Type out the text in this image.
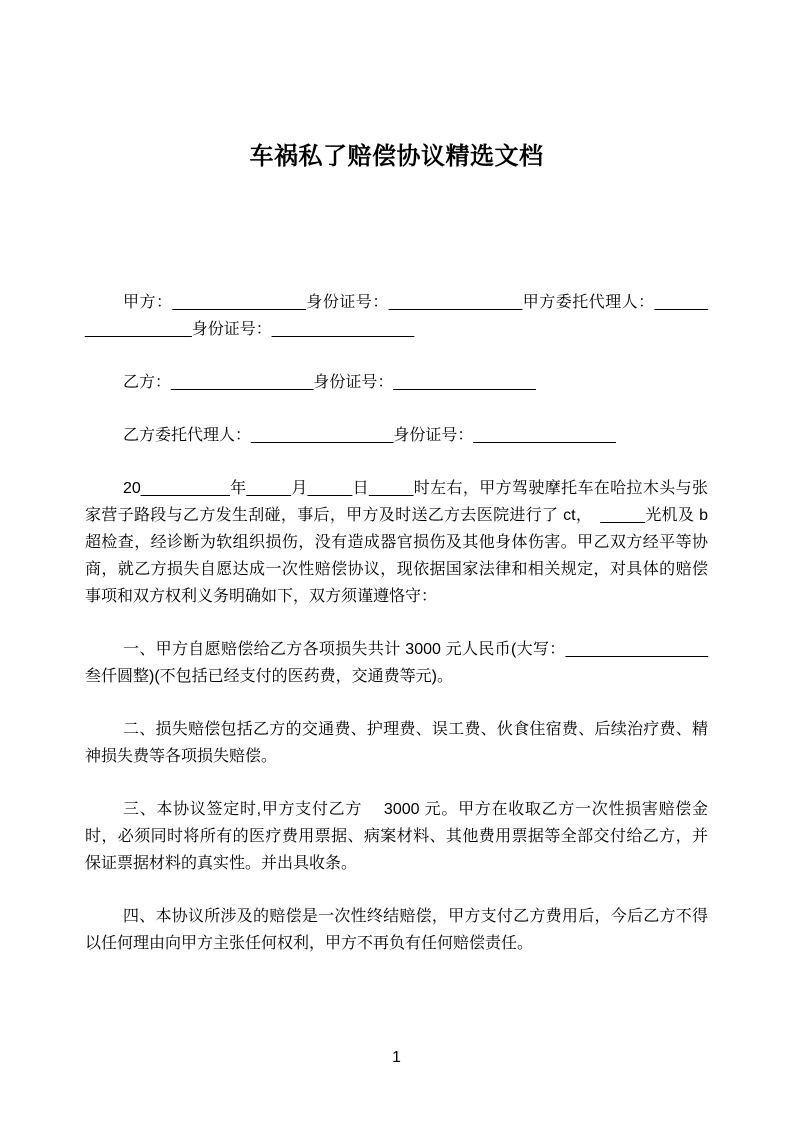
车祸私了赔偿协议精选文档

甲方：_______________身份证号：_______________甲方委托代理人：__________________身份证号：________________

乙方：________________身份证号：________________

乙方委托代理人：________________身份证号：________________

20__________年_____月_____日_____时左右，甲方驾驶摩托车在哈拉木头与张家营子路段与乙方发生刮碰，事后，甲方及时送乙方去医院进行了 ct，　_____光机及 b 超检查，经诊断为软组织损伤，没有造成器官损伤及其他身体伤害。甲乙双方经平等协商，就乙方损失自愿达成一次性赔偿协议，现依据国家法律和相关规定，对具体的赔偿事项和双方权利义务明确如下，双方须谨遵恪守：

一、甲方自愿赔偿给乙方各项损失共计 3000 元人民币(大写：________________叁仟圆整)(不包括已经支付的医药费，交通费等元)。

二、损失赔偿包括乙方的交通费、护理费、误工费、伙食住宿费、后续治疗费、精神损失费等各项损失赔偿。

三、本协议签定时,甲方支付乙方　 3000 元。甲方在收取乙方一次性损害赔偿金时，必须同时将所有的医疗费用票据、病案材料、其他费用票据等全部交付给乙方，并保证票据材料的真实性。并出具收条。

四、本协议所涉及的赔偿是一次性终结赔偿，甲方支付乙方费用后，今后乙方不得以任何理由向甲方主张任何权利，甲方不再负有任何赔偿责任。

1
